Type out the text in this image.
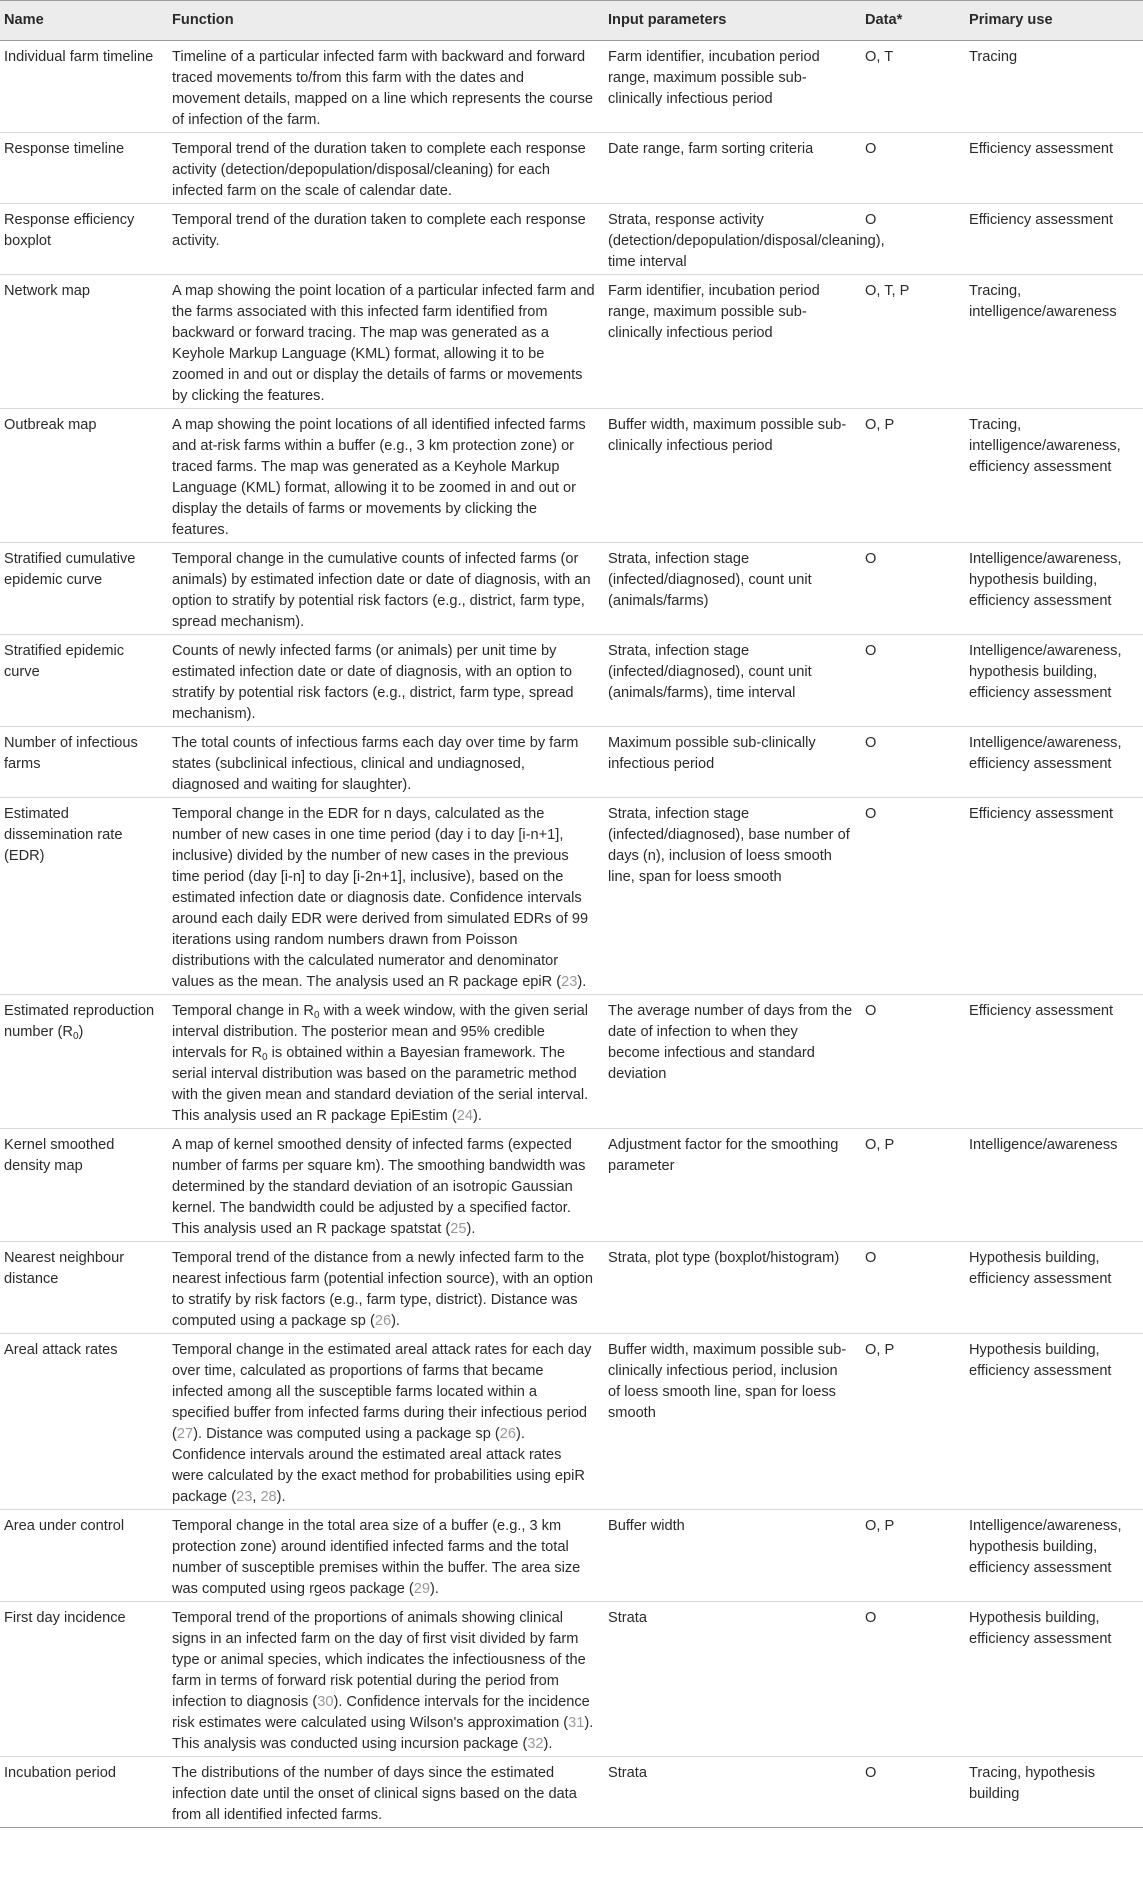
Name	Function	Input parameters	Data*	Primary use
Individual farm timeline	Timeline of a particular infected farm with backward and forward traced movements to/from this farm with the dates and movement details, mapped on a line which represents the course of infection of the farm.	Farm identifier, incubation period range, maximum possible sub-clinically infectious period	O, T	Tracing
Response timeline	Temporal trend of the duration taken to complete each response activity (detection/depopulation/disposal/cleaning) for each infected farm on the scale of calendar date.	Date range, farm sorting criteria	O	Efficiency assessment
Response efficiency boxplot	Temporal trend of the duration taken to complete each response activity.	Strata, response activity (detection/depopulation/disposal/cleaning), time interval	O	Efficiency assessment
Network map	A map showing the point location of a particular infected farm and the farms associated with this infected farm identified from backward or forward tracing. The map was generated as a Keyhole Markup Language (KML) format, allowing it to be zoomed in and out or display the details of farms or movements by clicking the features.	Farm identifier, incubation period range, maximum possible sub-clinically infectious period	O, T, P	Tracing, intelligence/awareness
Outbreak map	A map showing the point locations of all identified infected farms and at-risk farms within a buffer (e.g., 3 km protection zone) or traced farms. The map was generated as a Keyhole Markup Language (KML) format, allowing it to be zoomed in and out or display the details of farms or movements by clicking the features.	Buffer width, maximum possible sub-clinically infectious period	O, P	Tracing, intelligence/awareness, efficiency assessment
Stratified cumulative epidemic curve	Temporal change in the cumulative counts of infected farms (or animals) by estimated infection date or date of diagnosis, with an option to stratify by potential risk factors (e.g., district, farm type, spread mechanism).	Strata, infection stage (infected/diagnosed), count unit (animals/farms)	O	Intelligence/awareness, hypothesis building, efficiency assessment
Stratified epidemic curve	Counts of newly infected farms (or animals) per unit time by estimated infection date or date of diagnosis, with an option to stratify by potential risk factors (e.g., district, farm type, spread mechanism).	Strata, infection stage (infected/diagnosed), count unit (animals/farms), time interval	O	Intelligence/awareness, hypothesis building, efficiency assessment
Number of infectious farms	The total counts of infectious farms each day over time by farm states (subclinical infectious, clinical and undiagnosed, diagnosed and waiting for slaughter).	Maximum possible sub-clinically infectious period	O	Intelligence/awareness, efficiency assessment
Estimated dissemination rate (EDR)	Temporal change in the EDR for n days, calculated as the number of new cases in one time period (day i to day [i-n+1], inclusive) divided by the number of new cases in the previous time period (day [i-n] to day [i-2n+1], inclusive), based on the estimated infection date or diagnosis date. Confidence intervals around each daily EDR were derived from simulated EDRs of 99 iterations using random numbers drawn from Poisson distributions with the calculated numerator and denominator values as the mean. The analysis used an R package epiR (23).	Strata, infection stage (infected/diagnosed), base number of days (n), inclusion of loess smooth line, span for loess smooth	O	Efficiency assessment
Estimated reproduction number $(R_0)$	Temporal change in $R_0$ with a week window, with the given serial interval distribution. The posterior mean and 95% credible intervals for $R_0$ is obtained within a Bayesian framework. The serial interval distribution was based on the parametric method with the given mean and standard deviation of the serial interval. This analysis used an R package EpiEstim (24).	The average number of days from the date of infection to when they become infectious and standard deviation	O	Efficiency assessment
Kernel smoothed density map	A map of kernel smoothed density of infected farms (expected number of farms per square km). The smoothing bandwidth was determined by the standard deviation of an isotropic Gaussian kernel. The bandwidth could be adjusted by a specified factor. This analysis used an R package spatstat (25).	Adjustment factor for the smoothing parameter	O, P	Intelligence/awareness
Nearest neighbour distance	Temporal trend of the distance from a newly infected farm to the nearest infectious farm (potential infection source), with an option to stratify by risk factors (e.g., farm type, district). Distance was computed using a package sp (26).	Strata, plot type (boxplot/histogram)	O	Hypothesis building, efficiency assessment
Areal attack rates	Temporal change in the estimated areal attack rates for each day over time, calculated as proportions of farms that became infected among all the susceptible farms located within a specified buffer from infected farms during their infectious period (27). Distance was computed using a package sp (26). Confidence intervals around the estimated areal attack rates were calculated by the exact method for probabilities using epiR package (23, 28).	Buffer width, maximum possible sub-clinically infectious period, inclusion of loess smooth line, span for loess smooth	O, P	Hypothesis building, efficiency assessment
Area under control	Temporal change in the total area size of a buffer (e.g., 3 km protection zone) around identified infected farms and the total number of susceptible premises within the buffer. The area size was computed using rgeos package (29).	Buffer width	O, P	Intelligence/awareness, hypothesis building, efficiency assessment
First day incidence	Temporal trend of the proportions of animals showing clinical signs in an infected farm on the day of first visit divided by farm type or animal species, which indicates the infectiousness of the farm in terms of forward risk potential during the period from infection to diagnosis (30). Confidence intervals for the incidence risk estimates were calculated using Wilson's approximation (31). This analysis was conducted using incursion package (32).	Strata	O	Hypothesis building, efficiency assessment
Incubation period	The distributions of the number of days since the estimated infection date until the onset of clinical signs based on the data from all identified infected farms.	Strata	O	Tracing, hypothesis building
